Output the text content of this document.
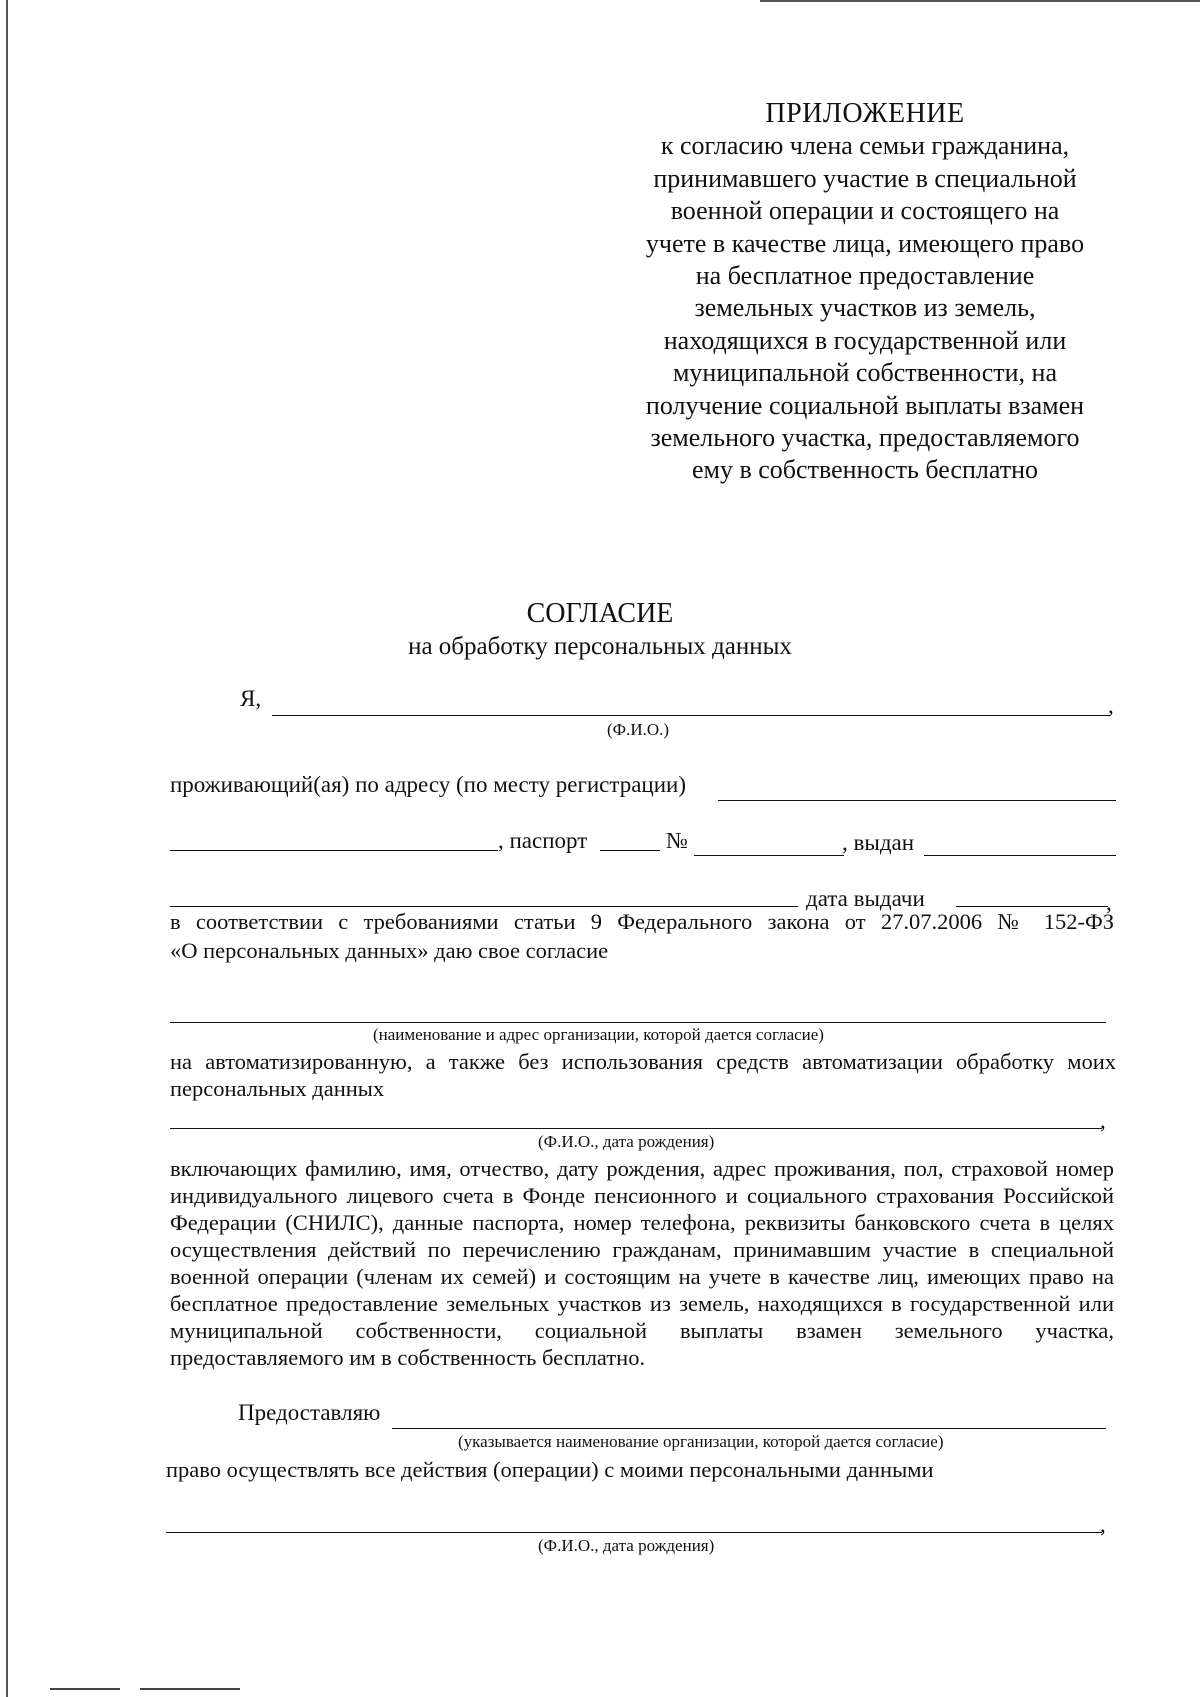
ПРИЛОЖЕНИЕ
к согласию члена семьи гражданина,
принимавшего участие в специальной
военной операции и состоящего на
учете в качестве лица, имеющего право
на бесплатное предоставление
земельных участков из земель,
находящихся в государственной или
муниципальной собственности, на
получение социальной выплаты взамен
земельного участка, предоставляемого
ему в собственность бесплатно
СОГЛАСИЕ
на обработку персональных данных
Я,	,
(Ф.И.О.)
проживающий(ая) по адресу (по месту регистрации)
, паспорт	№	, выдан
дата выдачи	,
в соответствии с требованиями статьи 9 Федерального закона от 27.07.2006 № 152-ФЗ
«О персональных данных» даю свое согласие
(наименование и адрес организации, которой дается согласие)
на автоматизированную, а также без использования средств автоматизации обработку моих персональных данных
,
(Ф.И.О., дата рождения)
включающих фамилию, имя, отчество, дату рождения, адрес проживания, пол, страховой номер индивидуального лицевого счета в Фонде пенсионного и социального страхования Российской Федерации (СНИЛС), данные паспорта, номер телефона, реквизиты банковского счета в целях осуществления действий по перечислению гражданам, принимавшим участие в специальной военной операции (членам их семей) и состоящим на учете в качестве лиц, имеющих право на бесплатное предоставление земельных участков из земель, находящихся в государственной или муниципальной собственности, социальной выплаты взамен земельного участка, предоставляемого им в собственность бесплатно.
Предоставляю
(указывается наименование организации, которой дается согласие)
право осуществлять все действия (операции) с моими персональными данными
,
(Ф.И.О., дата рождения)
